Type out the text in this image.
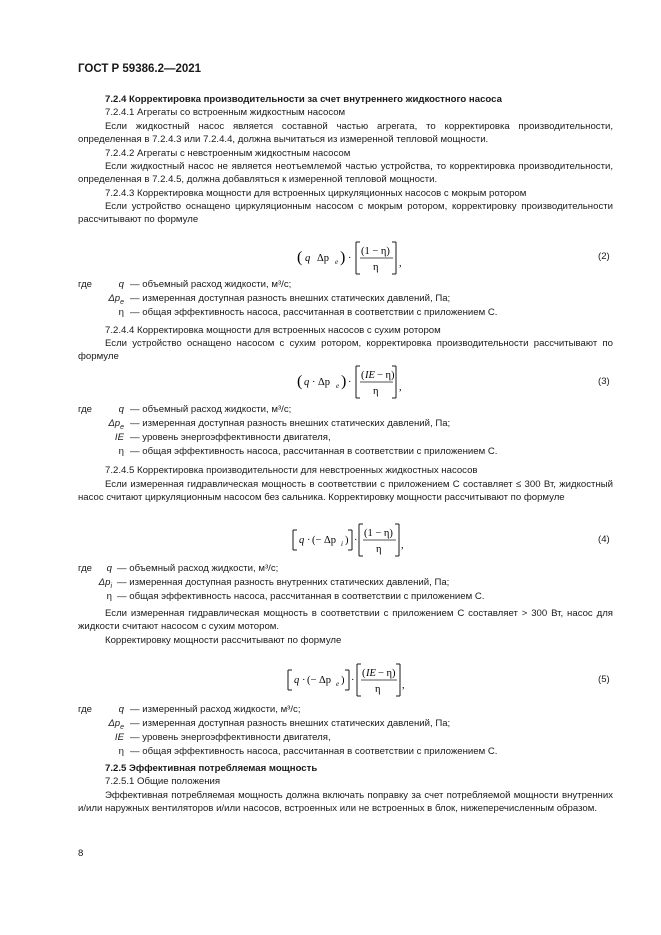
ГОСТ Р 59386.2—2021
7.2.4 Корректировка производительности за счет внутреннего жидкостного насоса
7.2.4.1 Агрегаты со встроенным жидкостным насосом
Если жидкостный насос является составной частью агрегата, то корректировка производительности, определенная в 7.2.4.3 или 7.2.4.4, должна вычитаться из измеренной тепловой мощности.
7.2.4.2 Агрегаты с невстроенным жидкостным насосом
Если жидкостный насос не является неотъемлемой частью устройства, то корректировка производительности, определенная в 7.2.4.5, должна добавляться к измеренной тепловой мощности.
7.2.4.3 Корректировка мощности для встроенных циркуляционных насосов с мокрым ротором
Если устройство оснащено циркуляционным насосом с мокрым ротором, корректировку производительности рассчитывают по формуле
( q Δp e ) ·
(1 − η)
η ,
(2)
где	q — объемный расход жидкости, м³/с;
$\Delta p_e$ — измеренная доступная разность внешних статических давлений, Па;
η — общая эффективность насоса, рассчитанная в соответствии с приложением С.
7.2.4.4 Корректировка мощности для встроенных насосов с сухим ротором
Если устройство оснащено насосом с сухим ротором, корректировка производительности рассчитывают по формуле
( q · Δp e ) ·
( IE − η)
η ,
(3)
где	q — объемный расход жидкости, м³/с;
$\Delta p_e$ — измеренная доступная разность внешних статических давлений, Па;
IE — уровень энергоэффективности двигателя,
η — общая эффективность насоса, рассчитанная в соответствии с приложением С.
7.2.4.5 Корректировка производительности для невстроенных жидкостных насосов
Если измеренная гидравлическая мощность в соответствии с приложением С составляет ≤ 300 Вт, жидкостный насос считают циркуляционным насосом без сальника. Корректировку мощности рассчитывают по формуле
q · (− Δp i ) ·
(1 − η)
η ,
(4)
где	q — объемный расход жидкости, м³/с;
$\Delta p_i$ — измеренная доступная разность внутренних статических давлений, Па;
η — общая эффективность насоса, рассчитанная в соответствии с приложением С.
Если измеренная гидравлическая мощность в соответствии с приложением С составляет > 300 Вт, насос для жидкости считают насосом с сухим мотором.
Корректировку мощности рассчитывают по формуле
q · (− Δp e ) ·
( IE − η)
η ,
(5)
где	q — измеренный расход жидкости, м³/с;
$\Delta p_e$ — измеренная доступная разность внешних статических давлений, Па;
IE — уровень энергоэффективности двигателя,
η — общая эффективность насоса, рассчитанная в соответствии с приложением С.
7.2.5 Эффективная потребляемая мощность
7.2.5.1 Общие положения
Эффективная потребляемая мощность должна включать поправку за счет потребляемой мощности внутренних и/или наружных вентиляторов и/или насосов, встроенных или не встроенных в блок, нижеперечисленным образом.
8
